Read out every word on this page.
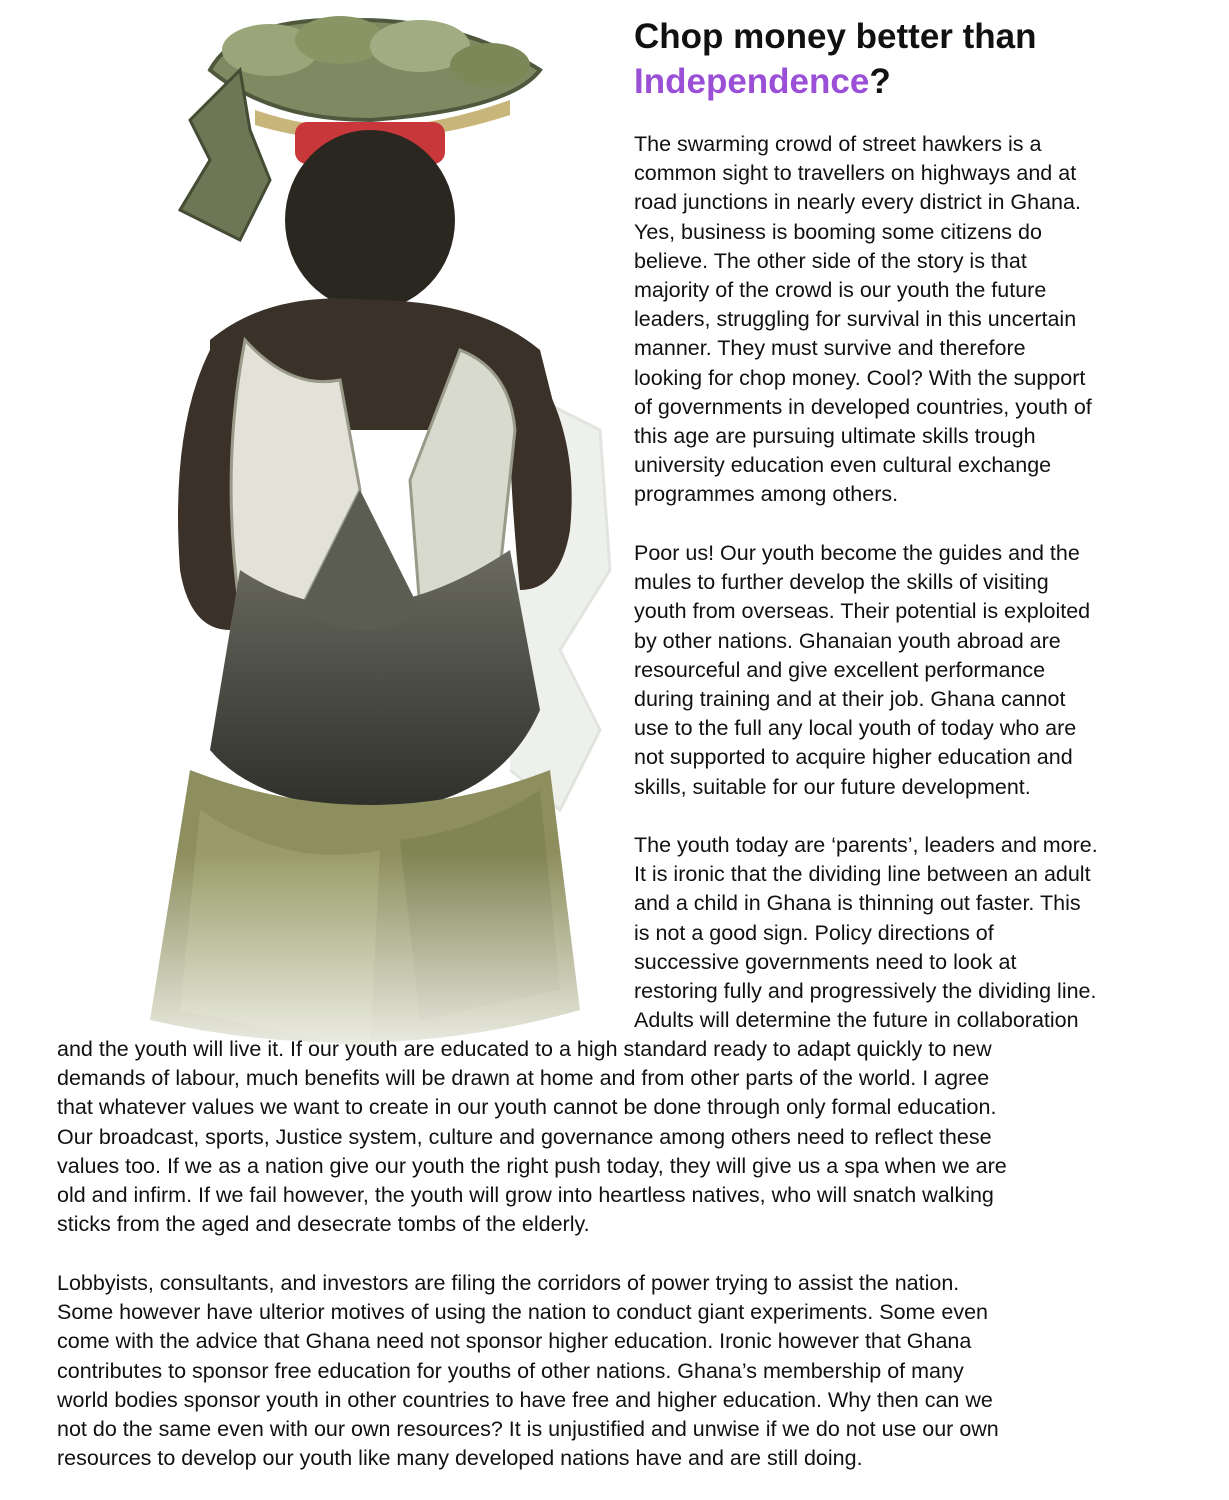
Chop money better than
Independence?

The swarming crowd of street hawkers is a
common sight to travellers on highways and at
road junctions in nearly every district in Ghana.
Yes, business is booming some citizens do
believe. The other side of the story is that
majority of the crowd is our youth the future
leaders, struggling for survival in this uncertain
manner. They must survive and therefore
looking for chop money. Cool? With the support
of governments in developed countries, youth of
this age are pursuing ultimate skills trough
university education even cultural exchange
programmes among others.

Poor us! Our youth become the guides and the
mules to further develop the skills of visiting
youth from overseas. Their potential is exploited
by other nations. Ghanaian youth abroad are
resourceful and give excellent performance
during training and at their job. Ghana cannot
use to the full any local youth of today who are
not supported to acquire higher education and
skills, suitable for our future development.

The youth today are ‘parents’, leaders and more.
It is ironic that the dividing line between an adult
and a child in Ghana is thinning out faster. This
is not a good sign. Policy directions of
successive governments need to look at
restoring fully and progressively the dividing line.
Adults will determine the future in collaboration

and the youth will live it. If our youth are educated to a high standard ready to adapt quickly to new
demands of labour, much benefits will be drawn at home and from other parts of the world. I agree
that whatever values we want to create in our youth cannot be done through only formal education.
Our broadcast, sports, Justice system, culture and governance among others need to reflect these
values too. If we as a nation give our youth the right push today, they will give us a spa when we are
old and infirm. If we fail however, the youth will grow into heartless natives, who will snatch walking
sticks from the aged and desecrate tombs of the elderly.

Lobbyists, consultants, and investors are filing the corridors of power trying to assist the nation.
Some however have ulterior motives of using the nation to conduct giant experiments. Some even
come with the advice that Ghana need not sponsor higher education. Ironic however that Ghana
contributes to sponsor free education for youths of other nations. Ghana’s membership of many
world bodies sponsor youth in other countries to have free and higher education. Why then can we
not do the same even with our own resources? It is unjustified and unwise if we do not use our own
resources to develop our youth like many developed nations have and are still doing.
